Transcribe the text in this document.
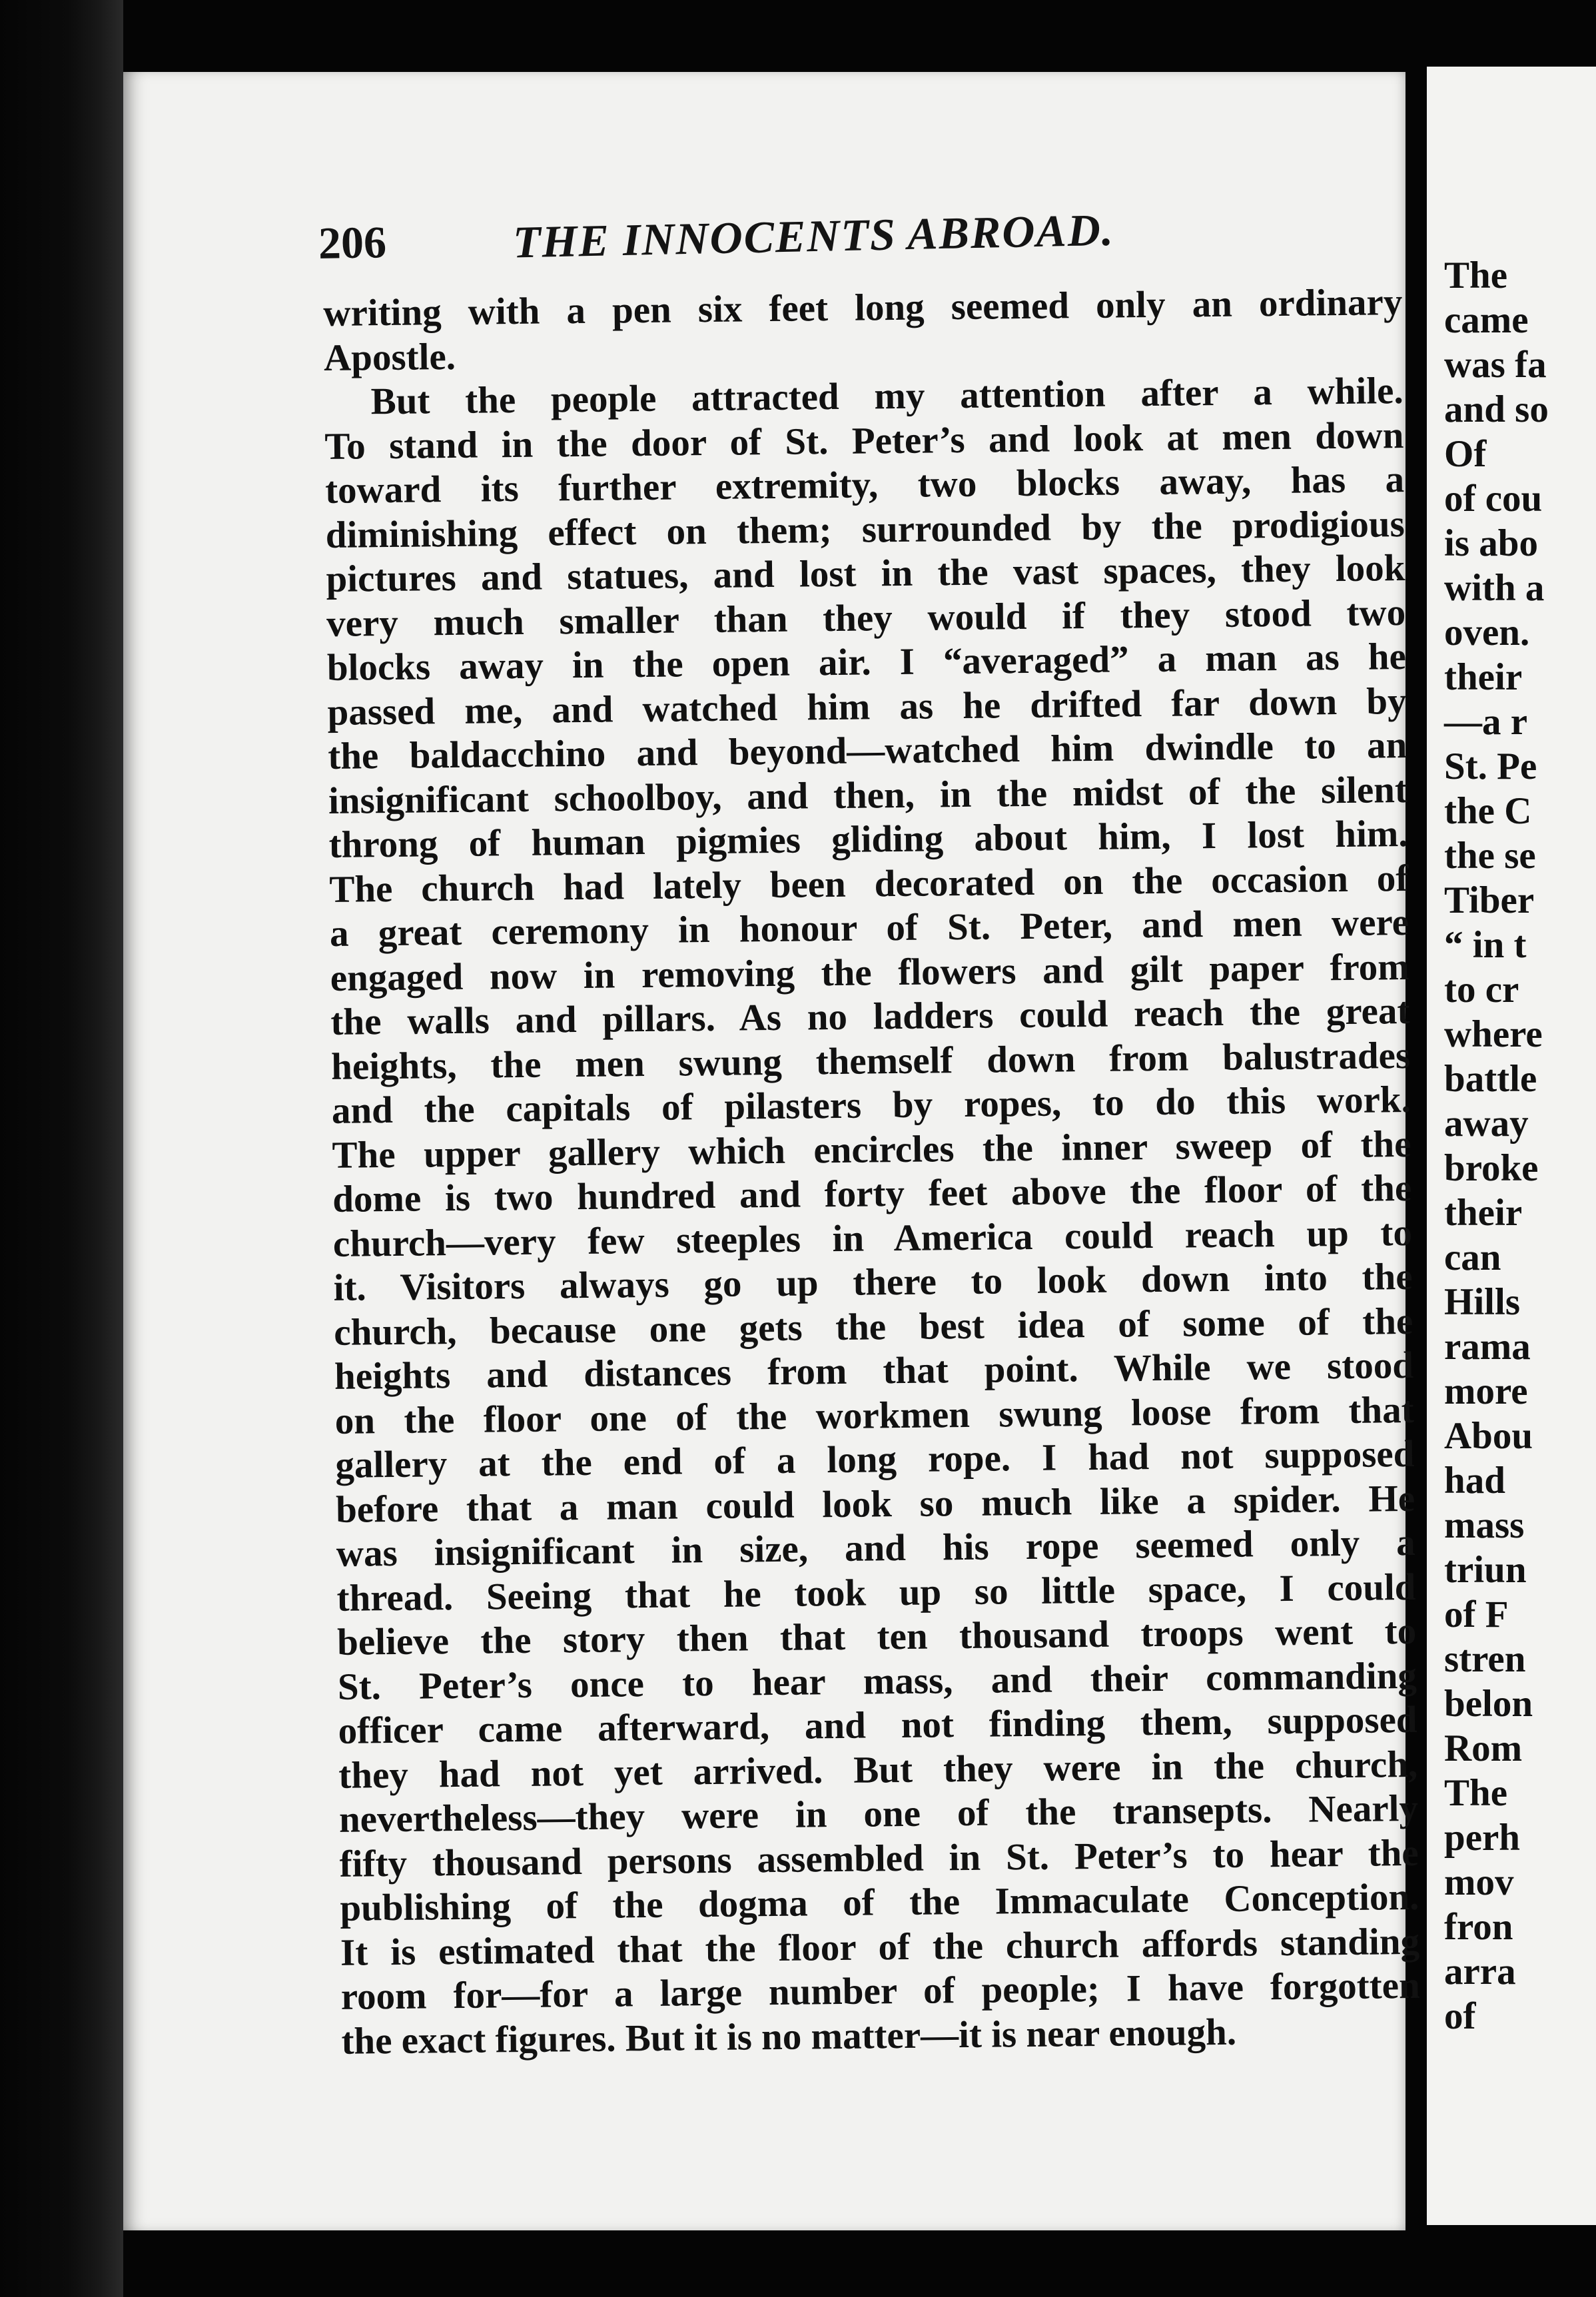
206	THE INNOCENTS ABROAD.
writing with a pen six feet long seemed only an ordinary
Apostle.
But the people attracted my attention after a while.
To stand in the door of St. Peter’s and look at men down
toward its further extremity, two blocks away, has a
diminishing effect on them; surrounded by the prodigious
pictures and statues, and lost in the vast spaces, they look
very much smaller than they would if they stood two
blocks away in the open air. I “averaged” a man as he
passed me, and watched him as he drifted far down by
the baldacchino and beyond—watched him dwindle to an
insignificant schoolboy, and then, in the midst of the silent
throng of human pigmies gliding about him, I lost him.
The church had lately been decorated on the occasion of
a great ceremony in honour of St. Peter, and men were
engaged now in removing the flowers and gilt paper from
the walls and pillars. As no ladders could reach the great
heights, the men swung themself down from balustrades
and the capitals of pilasters by ropes, to do this work.
The upper gallery which encircles the inner sweep of the
dome is two hundred and forty feet above the floor of the
church—very few steeples in America could reach up to
it. Visitors always go up there to look down into the
church, because one gets the best idea of some of the
heights and distances from that point. While we stood
on the floor one of the workmen swung loose from that
gallery at the end of a long rope. I had not supposed
before that a man could look so much like a spider. He
was insignificant in size, and his rope seemed only a
thread. Seeing that he took up so little space, I could
believe the story then that ten thousand troops went to
St. Peter’s once to hear mass, and their commanding
officer came afterward, and not finding them, supposed
they had not yet arrived. But they were in the church,
nevertheless—they were in one of the transepts. Nearly
fifty thousand persons assembled in St. Peter’s to hear the
publishing of the dogma of the Immaculate Conception.
It is estimated that the floor of the church affords standing
room for—for a large number of people; I have forgotten
the exact figures. But it is no matter—it is near enough.
The
came
was fa
and so
Of
of cou
is abo
with a
oven.
their
—a r
St. Pe
the C
the se
Tiber
“ in t
to cr
where
battle
away
broke
their
can
Hills
rama
more
Abou
had
mass
triun
of F
stren
belon
Rom
The
perh
mov
fron
arra
of
